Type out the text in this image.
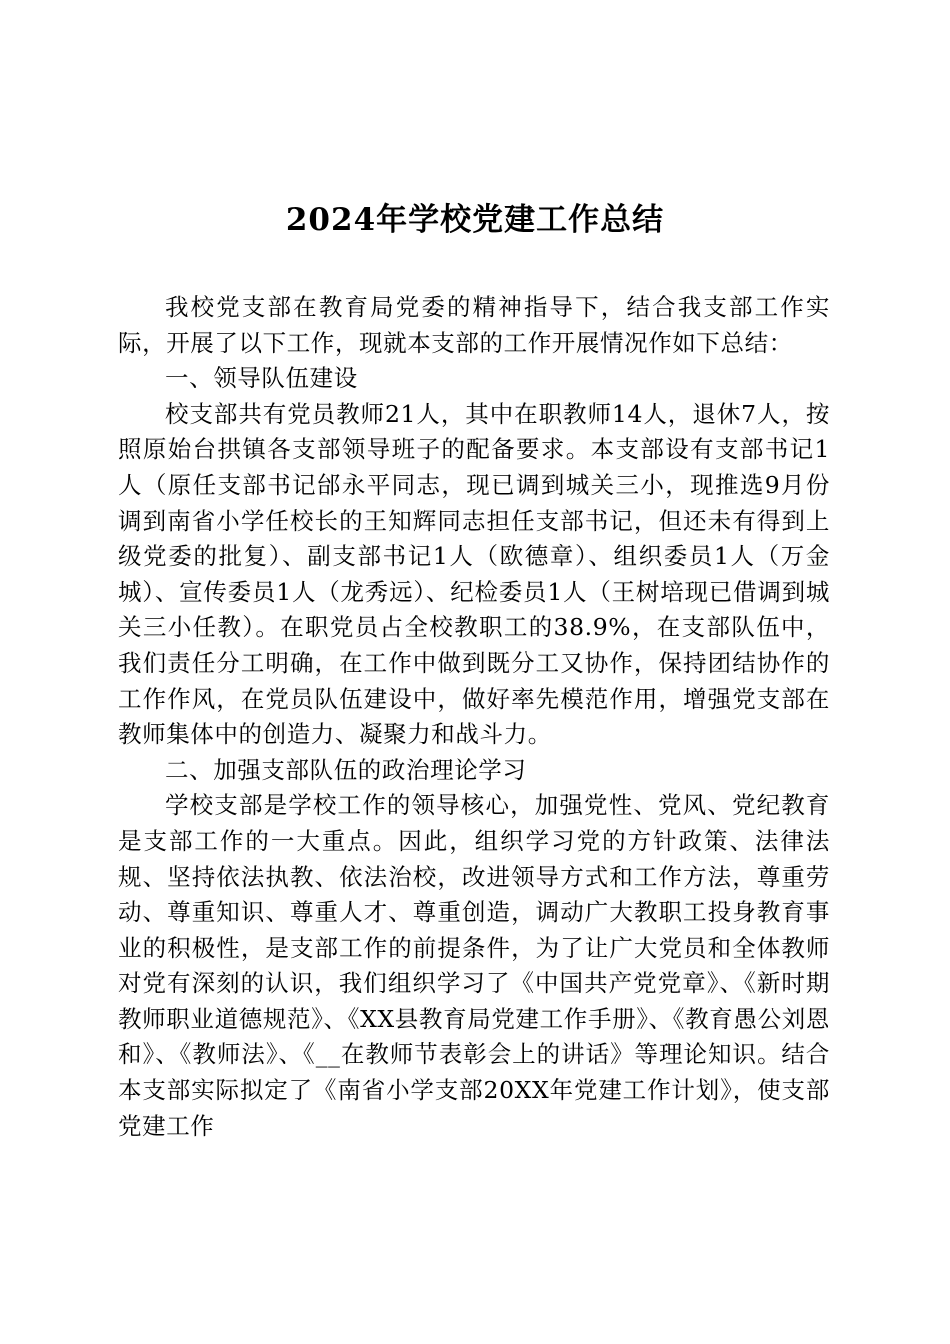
2024年学校党建工作总结

我校党支部在教育局党委的精神指导下，结合我支部工作实际，开展了以下工作，现就本支部的工作开展情况作如下总结：

一、领导队伍建设

校支部共有党员教师21人，其中在职教师14人，退休7人，按照原始台拱镇各支部领导班子的配备要求。本支部设有支部书记1人（原任支部书记邰永平同志，现已调到城关三小，现推选9月份调到南省小学任校长的王知辉同志担任支部书记，但还未有得到上级党委的批复）、副支部书记1人（欧德章）、组织委员1人（万金城）、宣传委员1人（龙秀远）、纪检委员1人（王树培现已借调到城关三小任教）。在职党员占全校教职工的38.9%，在支部队伍中，我们责任分工明确，在工作中做到既分工又协作，保持团结协作的工作作风，在党员队伍建设中，做好率先模范作用，增强党支部在教师集体中的创造力、凝聚力和战斗力。

二、加强支部队伍的政治理论学习

学校支部是学校工作的领导核心，加强党性、党风、党纪教育是支部工作的一大重点。因此，组织学习党的方针政策、法律法规、坚持依法执教、依法治校，改进领导方式和工作方法，尊重劳动、尊重知识、尊重人才、尊重创造，调动广大教职工投身教育事业的积极性，是支部工作的前提条件，为了让广大党员和全体教师对党有深刻的认识，我们组织学习了《中国共产党党章》、《新时期教师职业道德规范》、《XX县教育局党建工作手册》、《教育愚公刘恩和》、《教师法》、《__在教师节表彰会上的讲话》等理论知识。结合本支部实际拟定了《南省小学支部20XX年党建工作计划》，使支部党建工作
